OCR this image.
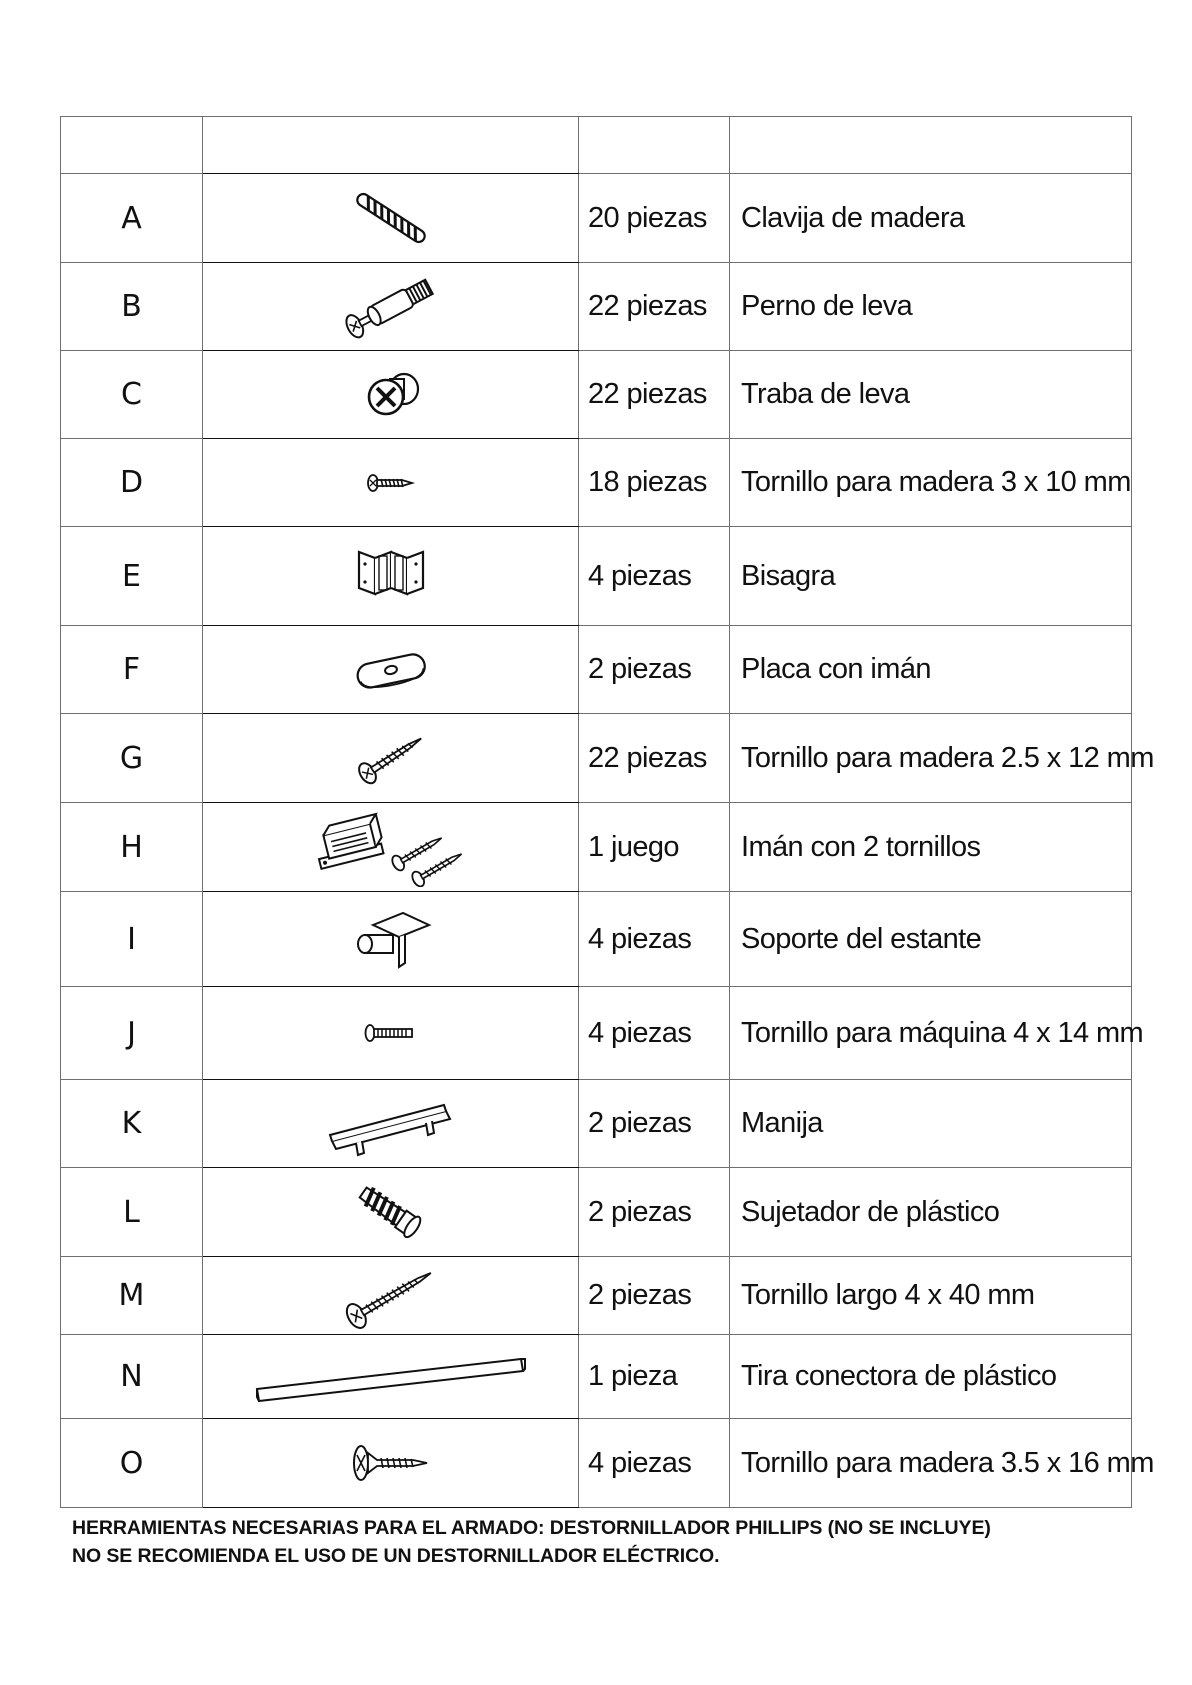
A		20 piezas	Clavija de madera
B		22 piezas	Perno de leva
C		22 piezas	Traba de leva
D		18 piezas	Tornillo para madera 3 x 10 mm
E		4 piezas	Bisagra
F		2 piezas	Placa con imán
G		22 piezas	Tornillo para madera 2.5 x 12 mm
H		1 juego	Imán con 2 tornillos
I		4 piezas	Soporte del estante
J		4 piezas	Tornillo para máquina 4 x 14 mm
K		2 piezas	Manija
L		2 piezas	Sujetador de plástico
M		2 piezas	Tornillo largo 4 x 40 mm
N		1 pieza	Tira conectora de plástico
O		4 piezas	Tornillo para madera 3.5 x 16 mm
HERRAMIENTAS NECESARIAS PARA EL ARMADO: DESTORNILLADOR PHILLIPS (NO SE INCLUYE)
NO SE RECOMIENDA EL USO DE UN DESTORNILLADOR ELÉCTRICO.
